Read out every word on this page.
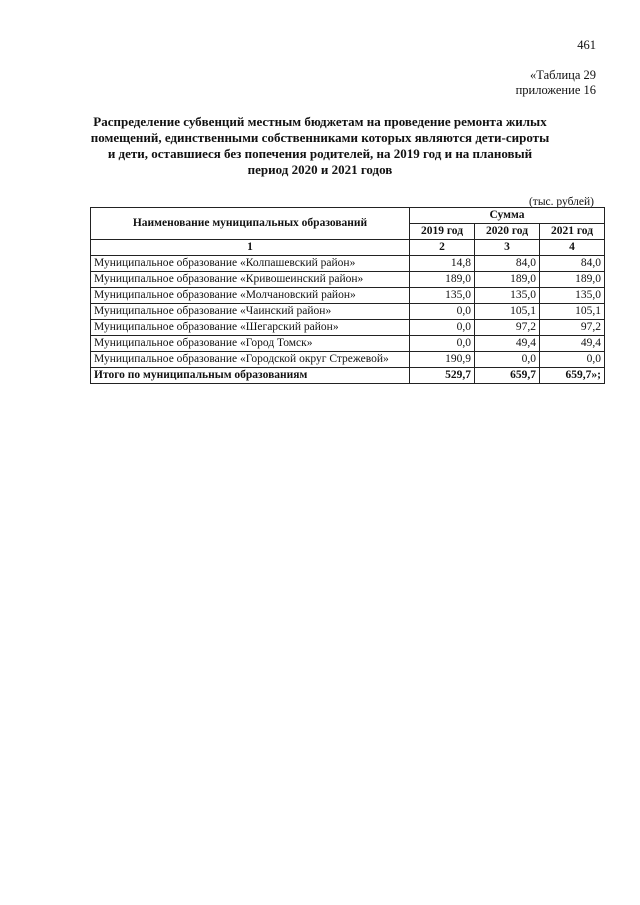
461
«Таблица 29
приложение 16
Распределение субвенций местным бюджетам на проведение ремонта жилых помещений, единственными собственниками которых являются дети-сироты и дети, оставшиеся без попечения родителей, на 2019 год и на плановый период 2020 и 2021 годов
(тыс. рублей)
Наименование муниципальных образований	Сумма		
	2019 год	2020 год	2021 год
1	2	3	4
Муниципальное образование «Колпашевский район»	14,8	84,0	84,0
Муниципальное образование «Кривошеинский район»	189,0	189,0	189,0
Муниципальное образование «Молчановский район»	135,0	135,0	135,0
Муниципальное образование «Чаинский район»	0,0	105,1	105,1
Муниципальное образование «Шегарский район»	0,0	97,2	97,2
Муниципальное образование «Город Томск»	0,0	49,4	49,4
Муниципальное образование «Городской округ Стрежевой»	190,9	0,0	0,0
Итого по муниципальным образованиям	529,7	659,7	659,7»;
